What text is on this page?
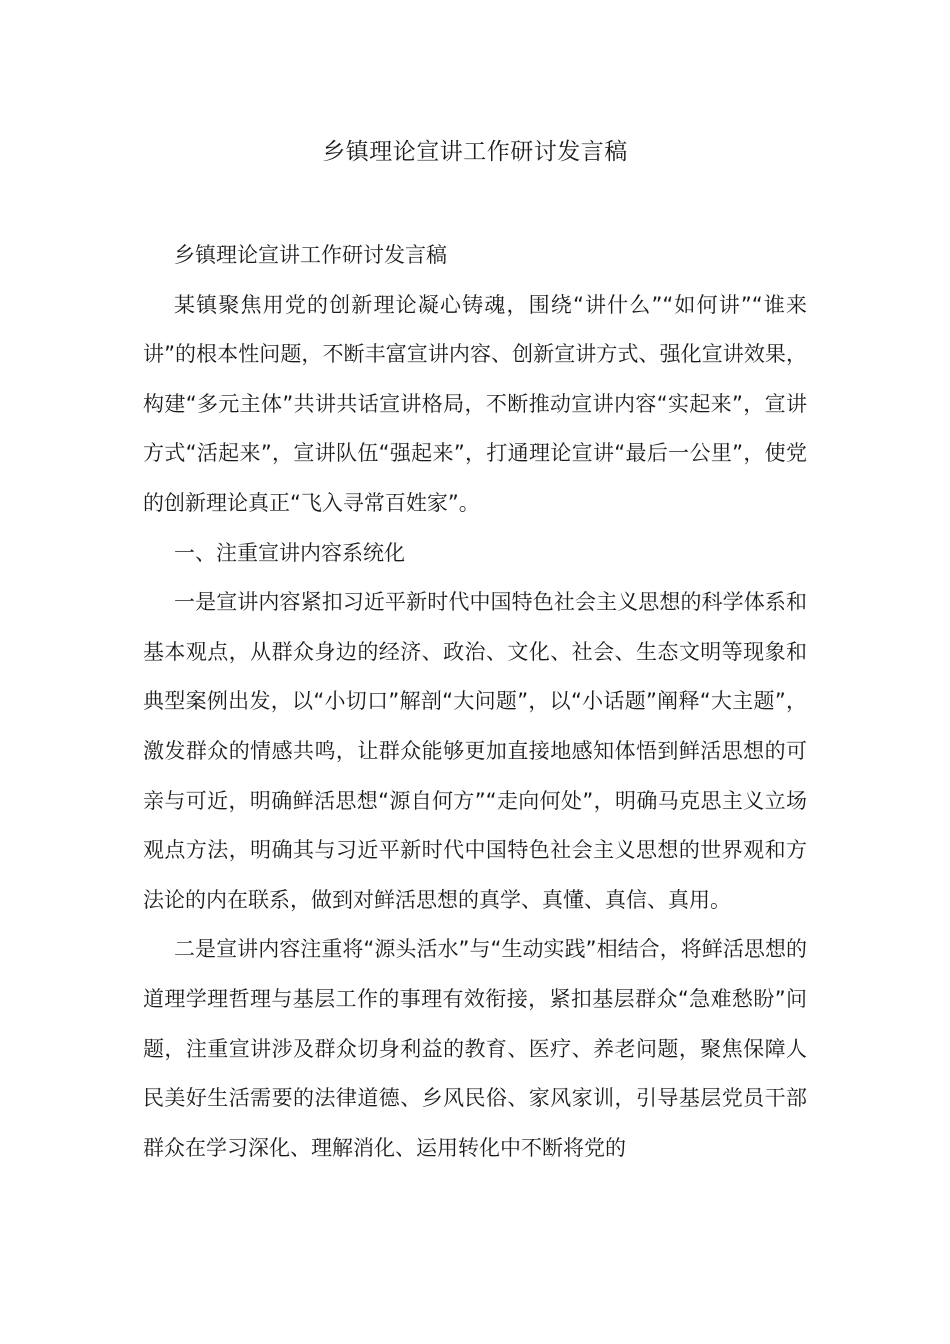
乡镇理论宣讲工作研讨发言稿

乡镇理论宣讲工作研讨发言稿

某镇聚焦用党的创新理论凝心铸魂，围绕“讲什么”“如何讲”“谁来讲”的根本性问题，不断丰富宣讲内容、创新宣讲方式、强化宣讲效果，构建“多元主体”共讲共话宣讲格局，不断推动宣讲内容“实起来”，宣讲方式“活起来”，宣讲队伍“强起来”，打通理论宣讲“最后一公里”，使党的创新理论真正“飞入寻常百姓家”。

一、注重宣讲内容系统化

一是宣讲内容紧扣习近平新时代中国特色社会主义思想的科学体系和基本观点，从群众身边的经济、政治、文化、社会、生态文明等现象和典型案例出发，以“小切口”解剖“大问题”，以“小话题”阐释“大主题”，激发群众的情感共鸣，让群众能够更加直接地感知体悟到鲜活思想的可亲与可近，明确鲜活思想“源自何方”“走向何处”，明确马克思主义立场观点方法，明确其与习近平新时代中国特色社会主义思想的世界观和方法论的内在联系，做到对鲜活思想的真学、真懂、真信、真用。

二是宣讲内容注重将“源头活水”与“生动实践”相结合，将鲜活思想的道理学理哲理与基层工作的事理有效衔接，紧扣基层群众“急难愁盼”问题，注重宣讲涉及群众切身利益的教育、医疗、养老问题，聚焦保障人民美好生活需要的法律道德、乡风民俗、家风家训，引导基层党员干部群众在学习深化、理解消化、运用转化中不断将党的
